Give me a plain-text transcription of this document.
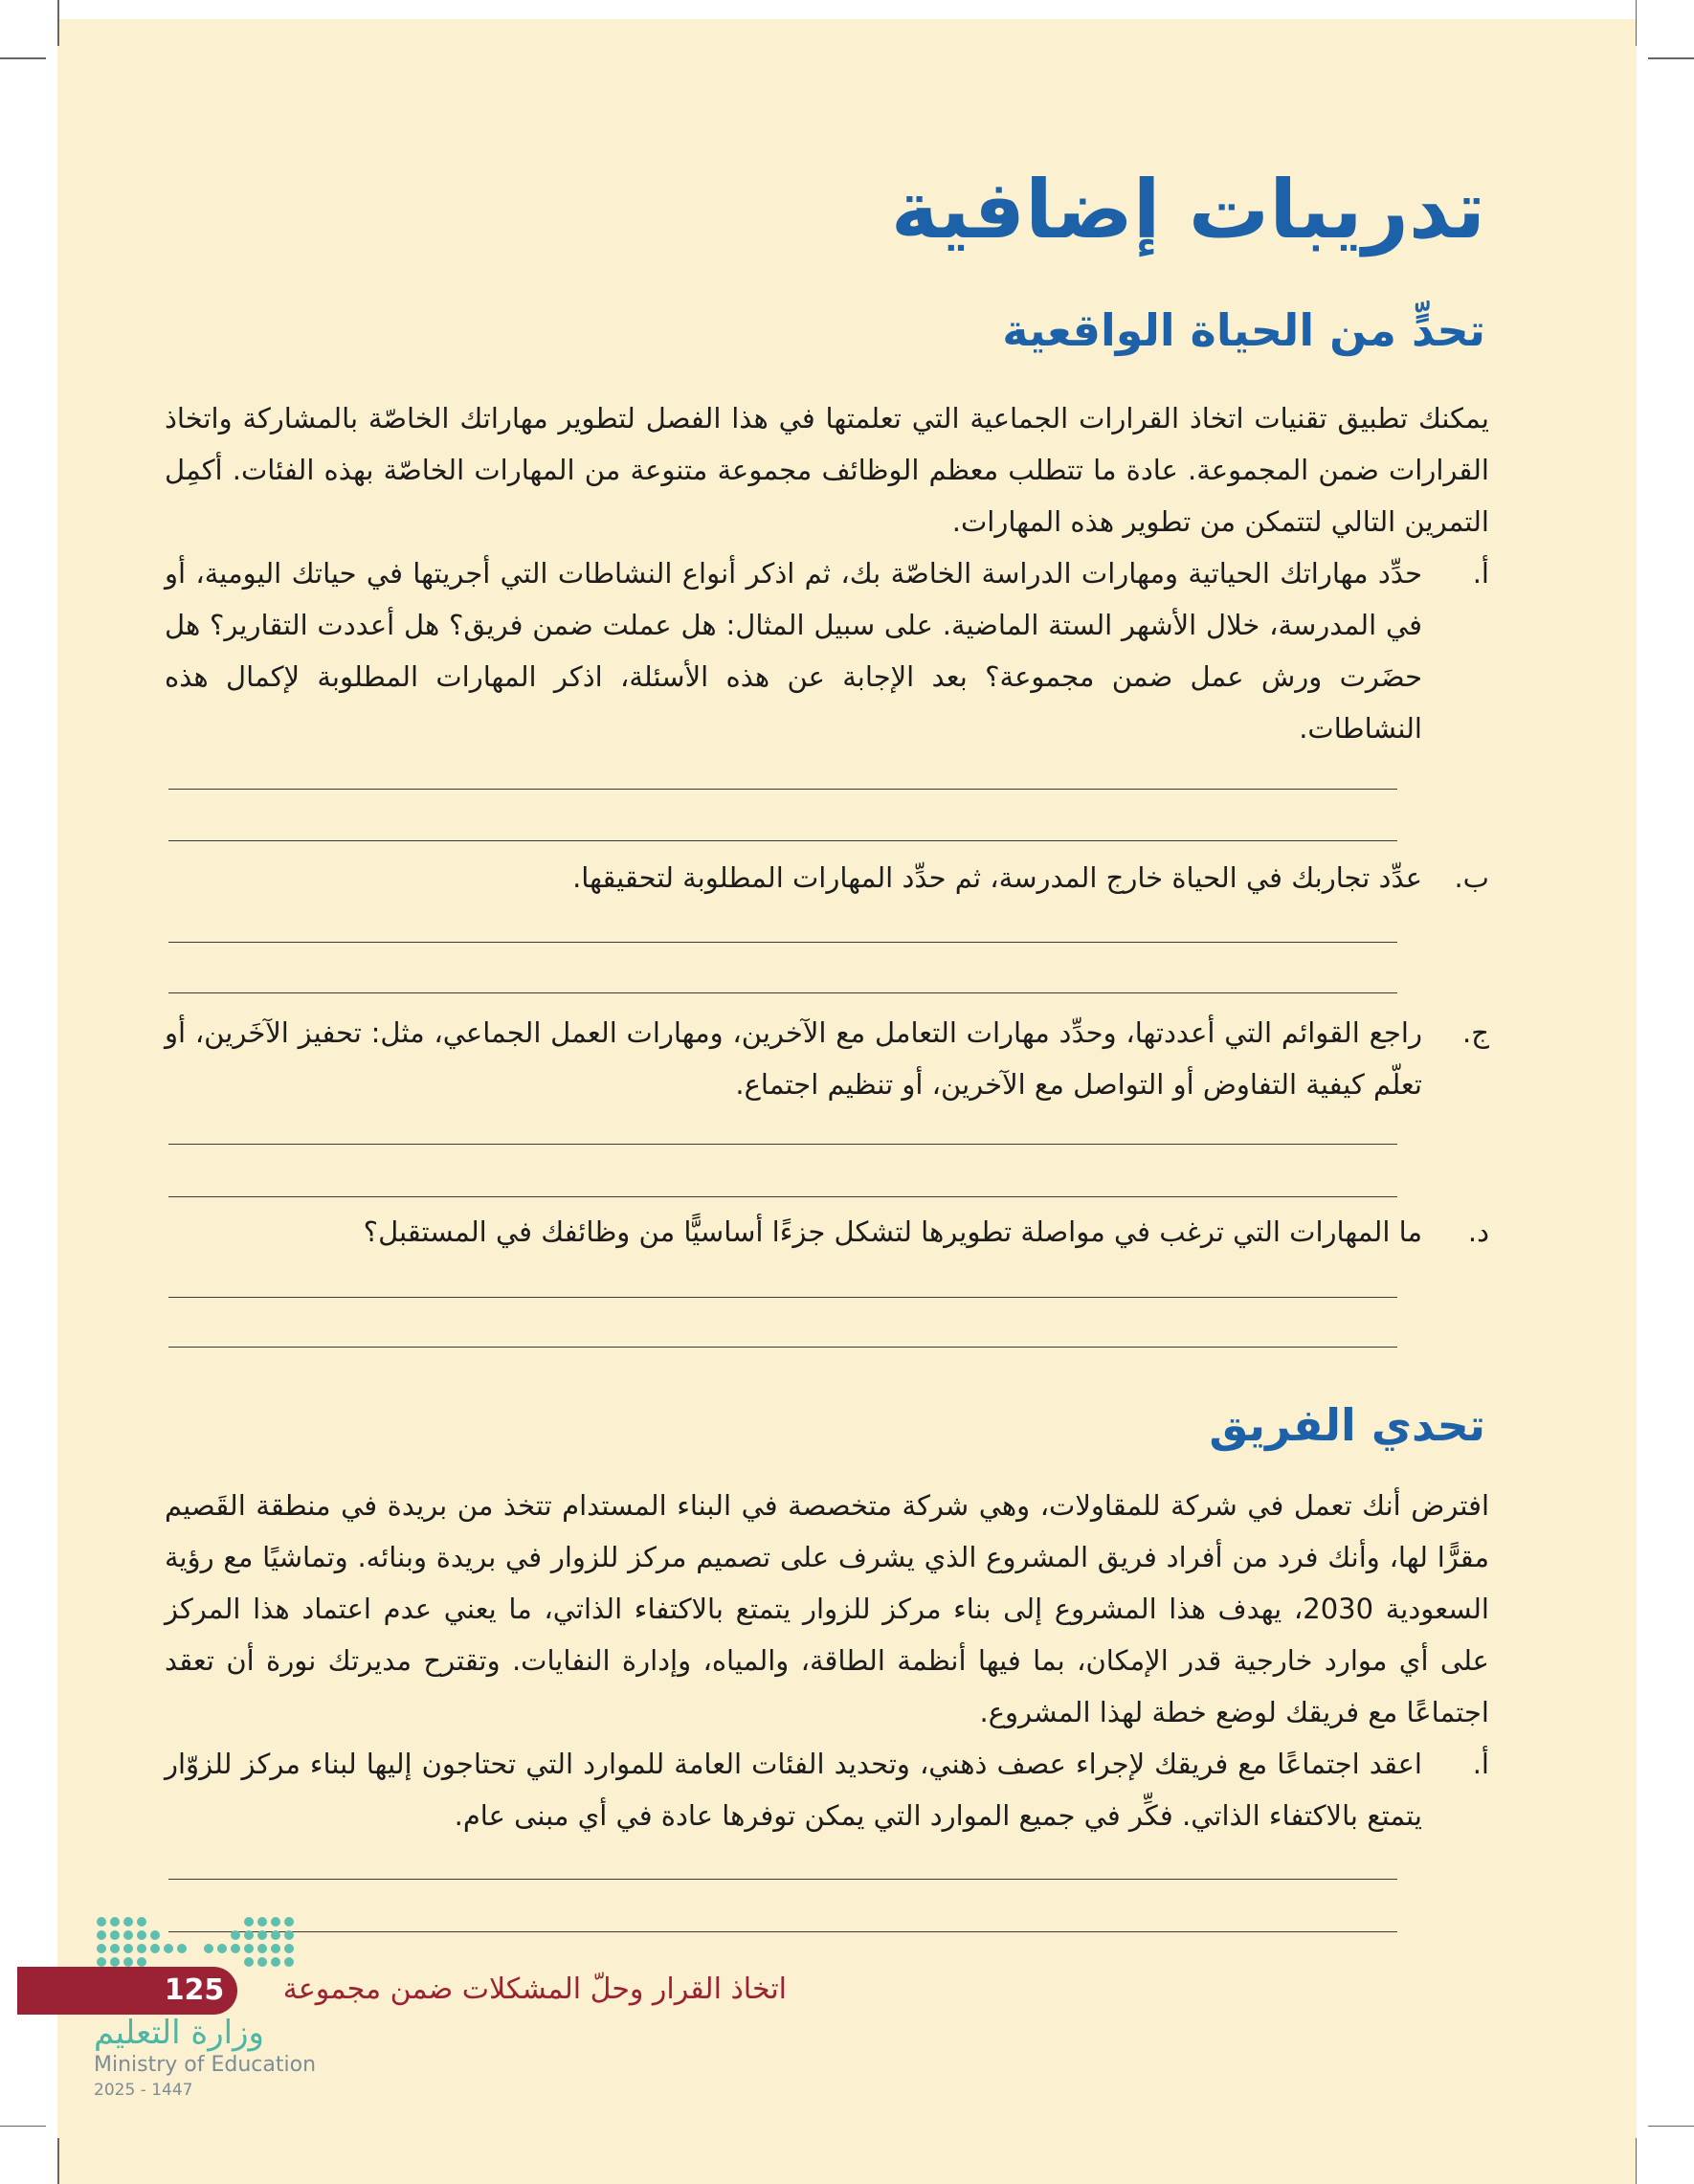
تدريبات إضافية
تحدٍّ من الحياة الواقعية
يمكنك تطبيق تقنيات اتخاذ القرارات الجماعية التي تعلمتها في هذا الفصل لتطوير مهاراتك الخاصّة بالمشاركة واتخاذ القرارات ضمن المجموعة. عادة ما تتطلب معظم الوظائف مجموعة متنوعة من المهارات الخاصّة بهذه الفئات. أكمِل التمرين التالي لتتمكن من تطوير هذه المهارات.
أ.
حدِّد مهاراتك الحياتية ومهارات الدراسة الخاصّة بك، ثم اذكر أنواع النشاطات التي أجريتها في حياتك اليومية، أو في المدرسة، خلال الأشهر الستة الماضية. على سبيل المثال: هل عملت ضمن فريق؟ هل أعددت التقارير؟ هل حضَرت ورش عمل ضمن مجموعة؟ بعد الإجابة عن هذه الأسئلة، اذكر المهارات المطلوبة لإكمال هذه النشاطات.
ب.
عدِّد تجاربك في الحياة خارج المدرسة، ثم حدِّد المهارات المطلوبة لتحقيقها.
ج.
راجع القوائم التي أعددتها، وحدِّد مهارات التعامل مع الآخرين، ومهارات العمل الجماعي، مثل: تحفيز الآخَرين، أو تعلّم كيفية التفاوض أو التواصل مع الآخرين، أو تنظيم اجتماع.
د.
ما المهارات التي ترغب في مواصلة تطويرها لتشكل جزءًا أساسيًّا من وظائفك في المستقبل؟
تحدي الفريق
افترض أنك تعمل في شركة للمقاولات، وهي شركة متخصصة في البناء المستدام تتخذ من بريدة في منطقة القَصيم مقرًّا لها، وأنك فرد من أفراد فريق المشروع الذي يشرف على تصميم مركز للزوار في بريدة وبنائه. وتماشيًا مع رؤية السعودية 2030، يهدف هذا المشروع إلى بناء مركز للزوار يتمتع بالاكتفاء الذاتي، ما يعني عدم اعتماد هذا المركز على أي موارد خارجية قدر الإمكان، بما فيها أنظمة الطاقة، والمياه، وإدارة النفايات. وتقترح مديرتك نورة أن تعقد اجتماعًا مع فريقك لوضع خطة لهذا المشروع.
أ.
اعقد اجتماعًا مع فريقك لإجراء عصف ذهني، وتحديد الفئات العامة للموارد التي تحتاجون إليها لبناء مركز للزوّار يتمتع بالاكتفاء الذاتي. فكِّر في جميع الموارد التي يمكن توفرها عادة في أي مبنى عام.
125	اتخاذ القرار وحلّ المشكلات ضمن مجموعة
وزارة التعليم
Ministry of Education
2025 - 1447
